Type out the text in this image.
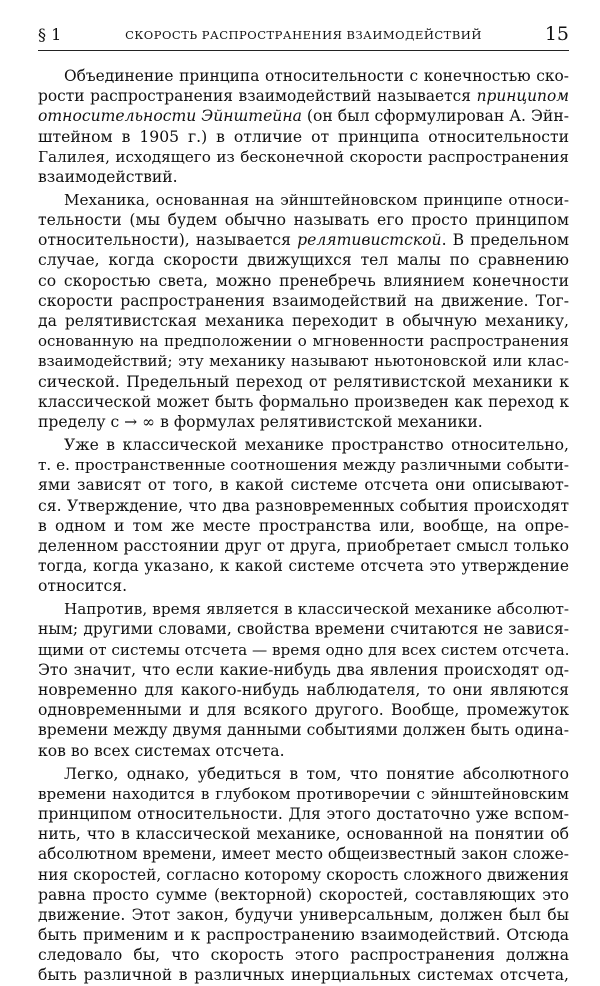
§ 1	СКОРОСТЬ РАСПРОСТРАНЕНИЯ ВЗАИМОДЕЙСТВИЙ	15
Объединение принципа относительности с конечностью ско-
рости распространения взаимодействий называется принципом
относительности Эйнштейна (он был сформулирован А. Эйн-
штейном в 1905 г.) в отличие от принципа относительности
Галилея, исходящего из бесконечной скорости распространения
взаимодействий.
Механика, основанная на эйнштейновском принципе относи-
тельности (мы будем обычно называть его просто принципом
относительности), называется релятивистской. В предельном
случае, когда скорости движущихся тел малы по сравнению
со скоростью света, можно пренебречь влиянием конечности
скорости распространения взаимодействий на движение. Тог-
да релятивистская механика переходит в обычную механику,
основанную на предположении о мгновенности распространения
взаимодействий; эту механику называют ньютоновской или клас-
сической. Предельный переход от релятивистской механики к
классической может быть формально произведен как переход к
пределу c → ∞ в формулах релятивистской механики.
Уже в классической механике пространство относительно,
т. е. пространственные соотношения между различными событи-
ями зависят от того, в какой системе отсчета они описывают-
ся. Утверждение, что два разновременных события происходят
в одном и том же месте пространства или, вообще, на опре-
деленном расстоянии друг от друга, приобретает смысл только
тогда, когда указано, к какой системе отсчета это утверждение
относится.
Напротив, время является в классической механике абсолют-
ным; другими словами, свойства времени считаются не завися-
щими от системы отсчета — время одно для всех систем отсчета.
Это значит, что если какие-нибудь два явления происходят од-
новременно для какого-нибудь наблюдателя, то они являются
одновременными и для всякого другого. Вообще, промежуток
времени между двумя данными событиями должен быть одина-
ков во всех системах отсчета.
Легко, однако, убедиться в том, что понятие абсолютного
времени находится в глубоком противоречии с эйнштейновским
принципом относительности. Для этого достаточно уже вспом-
нить, что в классической механике, основанной на понятии об
абсолютном времени, имеет место общеизвестный закон сложе-
ния скоростей, согласно которому скорость сложного движения
равна просто сумме (векторной) скоростей, составляющих это
движение. Этот закон, будучи универсальным, должен был бы
быть применим и к распространению взаимодействий. Отсюда
следовало бы, что скорость этого распространения должна
быть различной в различных инерциальных системах отсчета,
